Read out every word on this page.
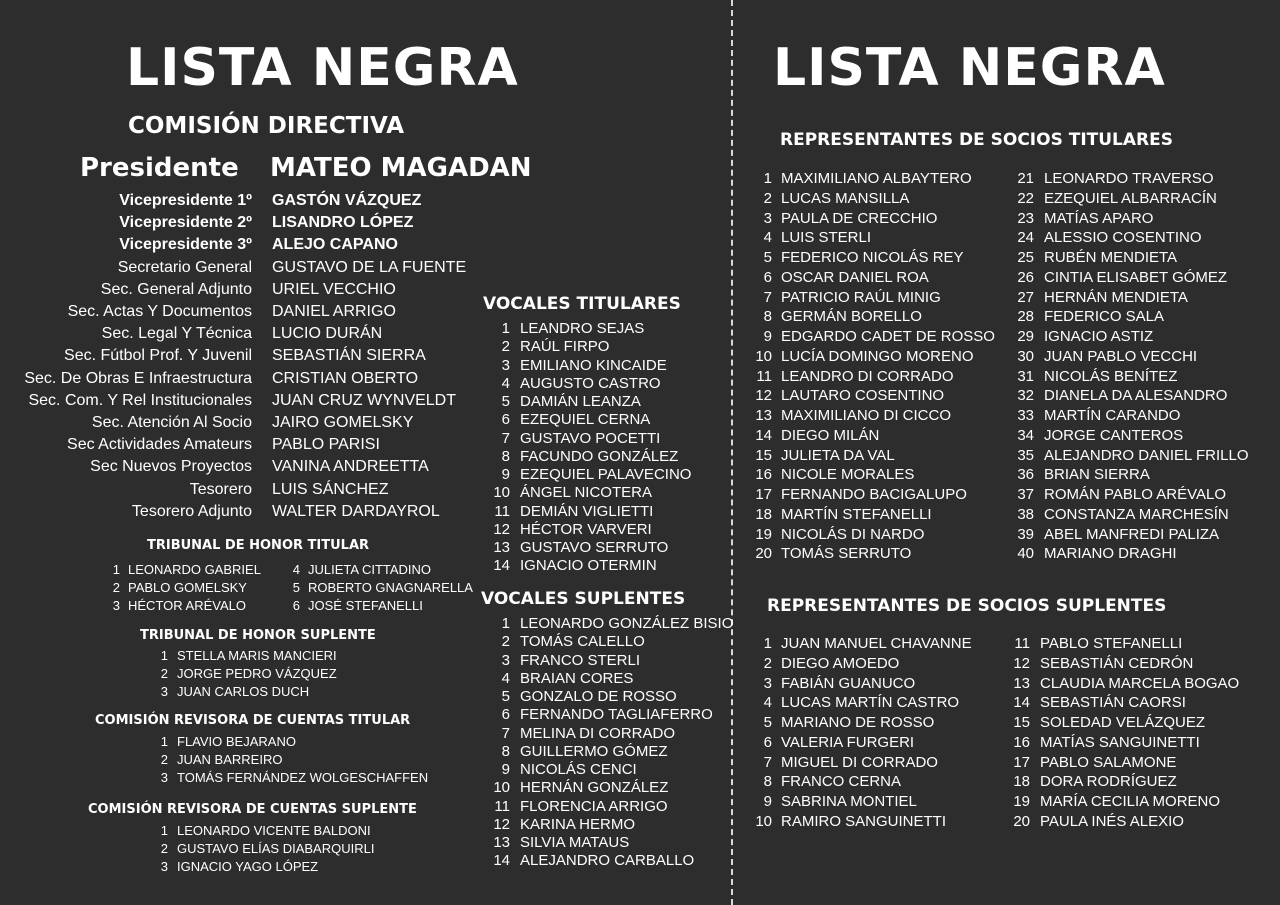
LISTA NEGRA
COMISIÓN DIRECTIVA
Presidente MATEO MAGADAN
Vicepresidente 1º GASTÓN VÁZQUEZ
Vicepresidente 2º LISANDRO LÓPEZ
Vicepresidente 3º ALEJO CAPANO
Secretario General GUSTAVO DE LA FUENTE
Sec. General Adjunto URIEL VECCHIO
Sec. Actas Y Documentos DANIEL ARRIGO
Sec. Legal Y Técnica LUCIO DURÁN
Sec. Fútbol Prof. Y Juvenil SEBASTIÁN SIERRA
Sec. De Obras E Infraestructura CRISTIAN OBERTO
Sec. Com. Y Rel Institucionales JUAN CRUZ WYNVELDT
Sec. Atención Al Socio JAIRO GOMELSKY
Sec Actividades Amateurs PABLO PARISI
Sec Nuevos Proyectos VANINA ANDREETTA
Tesorero LUIS SÁNCHEZ
Tesorero Adjunto WALTER DARDAYROL
TRIBUNAL DE HONOR TITULAR
1 LEONARDO GABRIEL
2 PABLO GOMELSKY
3 HÉCTOR ARÉVALO
4 JULIETA CITTADINO
5 ROBERTO GNAGNARELLA
6 JOSÉ STEFANELLI
TRIBUNAL DE HONOR SUPLENTE
1 STELLA MARIS MANCIERI
2 JORGE PEDRO VÁZQUEZ
3 JUAN CARLOS DUCH
COMISIÓN REVISORA DE CUENTAS TITULAR
1 FLAVIO BEJARANO
2 JUAN BARREIRO
3 TOMÁS FERNÁNDEZ WOLGESCHAFFEN
COMISIÓN REVISORA DE CUENTAS SUPLENTE
1 LEONARDO VICENTE BALDONI
2 GUSTAVO ELÍAS DIABARQUIRLI
3 IGNACIO YAGO LÓPEZ
VOCALES TITULARES
1 LEANDRO SEJAS
2 RAÚL FIRPO
3 EMILIANO KINCAIDE
4 AUGUSTO CASTRO
5 DAMIÁN LEANZA
6 EZEQUIEL CERNA
7 GUSTAVO POCETTI
8 FACUNDO GONZÁLEZ
9 EZEQUIEL PALAVECINO
10 ÁNGEL NICOTERA
11 DEMIÁN VIGLIETTI
12 HÉCTOR VARVERI
13 GUSTAVO SERRUTO
14 IGNACIO OTERMIN
VOCALES SUPLENTES
1 LEONARDO GONZÁLEZ BISIO
2 TOMÁS CALELLO
3 FRANCO STERLI
4 BRAIAN CORES
5 GONZALO DE ROSSO
6 FERNANDO TAGLIAFERRO
7 MELINA DI CORRADO
8 GUILLERMO GÓMEZ
9 NICOLÁS CENCI
10 HERNÁN GONZÁLEZ
11 FLORENCIA ARRIGO
12 KARINA HERMO
13 SILVIA MATAUS
14 ALEJANDRO CARBALLO
LISTA NEGRA
REPRESENTANTES DE SOCIOS TITULARES
1 MAXIMILIANO ALBAYTERO
2 LUCAS MANSILLA
3 PAULA DE CRECCHIO
4 LUIS STERLI
5 FEDERICO NICOLÁS REY
6 OSCAR DANIEL ROA
7 PATRICIO RAÚL MINIG
8 GERMÁN BORELLO
9 EDGARDO CADET DE ROSSO
10 LUCÍA DOMINGO MORENO
11 LEANDRO DI CORRADO
12 LAUTARO COSENTINO
13 MAXIMILIANO DI CICCO
14 DIEGO MILÁN
15 JULIETA DA VAL
16 NICOLE MORALES
17 FERNANDO BACIGALUPO
18 MARTÍN STEFANELLI
19 NICOLÁS DI NARDO
20 TOMÁS SERRUTO
21 LEONARDO TRAVERSO
22 EZEQUIEL ALBARRACÍN
23 MATÍAS APARO
24 ALESSIO COSENTINO
25 RUBÉN MENDIETA
26 CINTIA ELISABET GÓMEZ
27 HERNÁN MENDIETA
28 FEDERICO SALA
29 IGNACIO ASTIZ
30 JUAN PABLO VECCHI
31 NICOLÁS BENÍTEZ
32 DIANELA DA ALESANDRO
33 MARTÍN CARANDO
34 JORGE CANTEROS
35 ALEJANDRO DANIEL FRILLO
36 BRIAN SIERRA
37 ROMÁN PABLO ARÉVALO
38 CONSTANZA MARCHESÍN
39 ABEL MANFREDI PALIZA
40 MARIANO DRAGHI
REPRESENTANTES DE SOCIOS SUPLENTES
1 JUAN MANUEL CHAVANNE
2 DIEGO AMOEDO
3 FABIÁN GUANUCO
4 LUCAS MARTÍN CASTRO
5 MARIANO DE ROSSO
6 VALERIA FURGERI
7 MIGUEL DI CORRADO
8 FRANCO CERNA
9 SABRINA MONTIEL
10 RAMIRO SANGUINETTI
11 PABLO STEFANELLI
12 SEBASTIÁN CEDRÓN
13 CLAUDIA MARCELA BOGAO
14 SEBASTIÁN CAORSI
15 SOLEDAD VELÁZQUEZ
16 MATÍAS SANGUINETTI
17 PABLO SALAMONE
18 DORA RODRÍGUEZ
19 MARÍA CECILIA MORENO
20 PAULA INÉS ALEXIO
